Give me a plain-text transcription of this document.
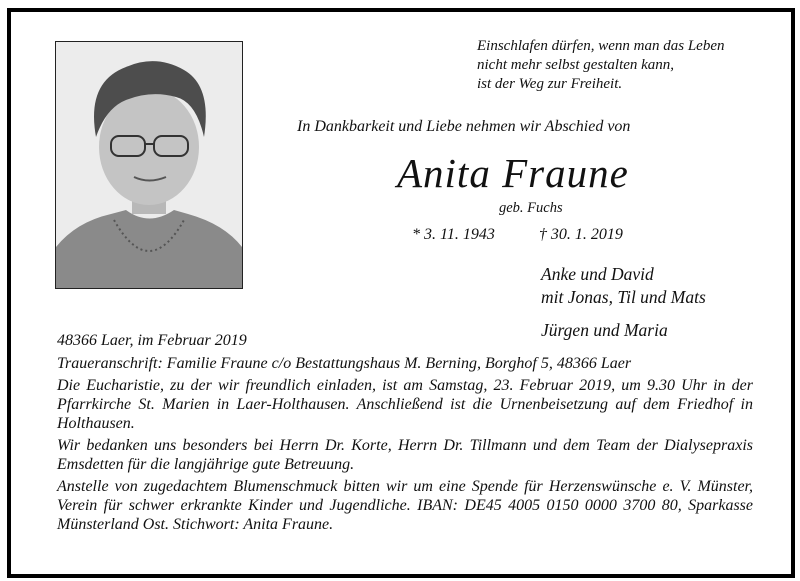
Einschlafen dürfen, wenn man das Leben
nicht mehr selbst gestalten kann,
ist der Weg zur Freiheit.
In Dankbarkeit und Liebe nehmen wir Abschied von
Anita Fraune
geb. Fuchs
* 3. 11. 1943	† 30. 1. 2019
Anke und David
mit Jonas, Til und Mats
Jürgen und Maria
48366 Laer, im Februar 2019

Traueranschrift: Familie Fraune c/o Bestattungshaus M. Berning, Borghof 5, 48366 Laer

Die Eucharistie, zu der wir freundlich einladen, ist am Samstag, 23. Februar 2019, um 9.30 Uhr in der Pfarrkirche St. Marien in Laer-Holthausen. Anschließend ist die Urnenbeisetzung auf dem Friedhof in Holthausen.

Wir bedanken uns besonders bei Herrn Dr. Korte, Herrn Dr. Tillmann und dem Team der Dialysepraxis Emsdetten für die langjährige gute Betreuung.

Anstelle von zugedachtem Blumenschmuck bitten wir um eine Spende für Herzenswünsche e. V. Münster, Verein für schwer erkrankte Kinder und Jugendliche. IBAN: DE45 4005 0150 0000 3700 80, Sparkasse Münsterland Ost. Stichwort: Anita Fraune.
